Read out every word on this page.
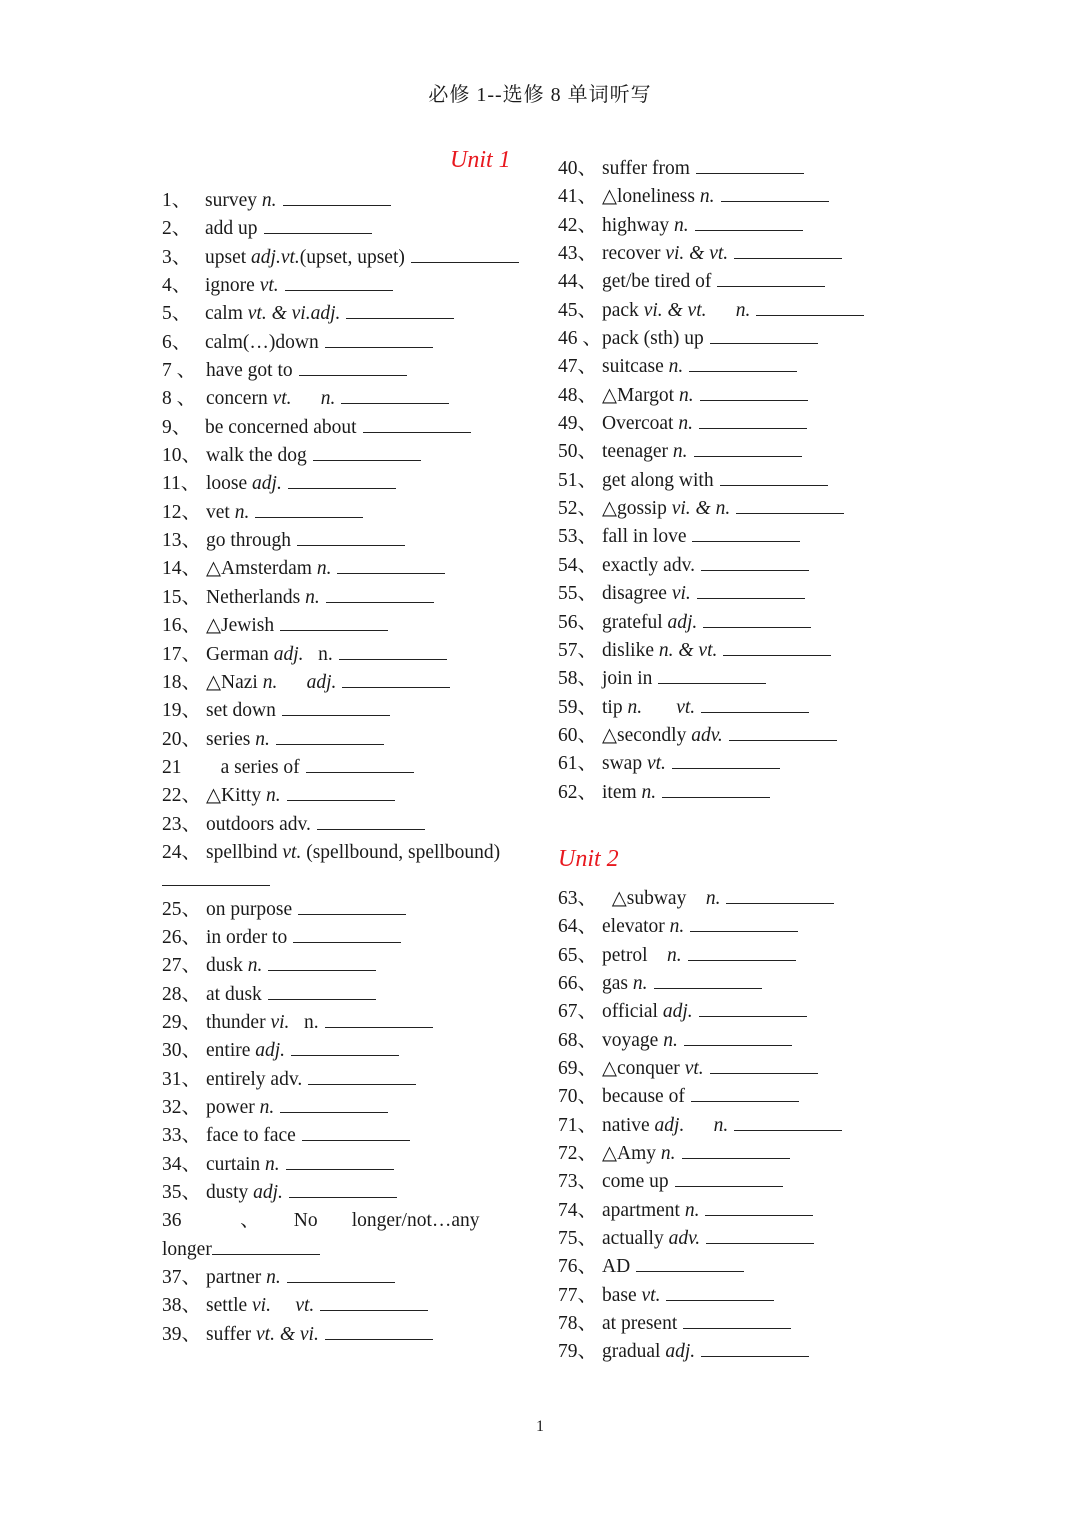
必修 1--选修 8 单词听写
Unit 1
1、 survey n.
2、 add up
3、 upset adj.vt.(upset, upset)
4、 ignore vt.
5、 calm vt. & vi.adj.
6、 calm(…)down
7 、 have got to
8 、 concern vt.      n.
9、 be concerned about
10、 walk the dog
11、 loose adj.
12、 vet n.
13、 go through
14、 △Amsterdam n.
15、 Netherlands n.
16、 △Jewish
17、 German adj.   n.
18、 △Nazi n.      adj.
19、 set down
20、 series n.
21   a series of
22、 △Kitty n.
23、 outdoors adv.
24、 spellbind vt. (spellbound, spellbound)
25、 on purpose
26、 in order to
27、 dusk n.
28、 at dusk
29、 thunder vi.   n.
30、 entire adj.
31、 entirely adv.
32、 power n.
33、 face to face
34、 curtain n.
35、 dusty adj.
36       、       No       longer/not…any
longer
37、 partner n.
38、 settle vi.     vt.
39、 suffer vt. & vi.
40、 suffer from
41、 △loneliness n.
42、 highway n.
43、 recover vi. & vt.
44、 get/be tired of
45、 pack vi. & vt.      n.
46 、pack (sth) up
47、 suitcase n.
48、 △Margot n.
49、 Overcoat n.
50、 teenager n.
51、 get along with
52、 △gossip vi. & n.
53、 fall in love
54、 exactly adv.
55、 disagree vi.
56、 grateful adj.
57、 dislike n. & vt.
58、 join in
59、 tip n.       vt.
60、 △secondly adv.
61、 swap vt.
62、 item n.
Unit 2
63、  △subway    n.
64、 elevator n.
65、 petrol    n.
66、 gas n.
67、 official adj.
68、 voyage n.
69、 △conquer vt.
70、 because of
71、 native adj.      n.
72、 △Amy n.
73、 come up
74、 apartment n.
75、 actually adv.
76、 AD
77、 base vt.
78、 at present
79、 gradual adj.
1
